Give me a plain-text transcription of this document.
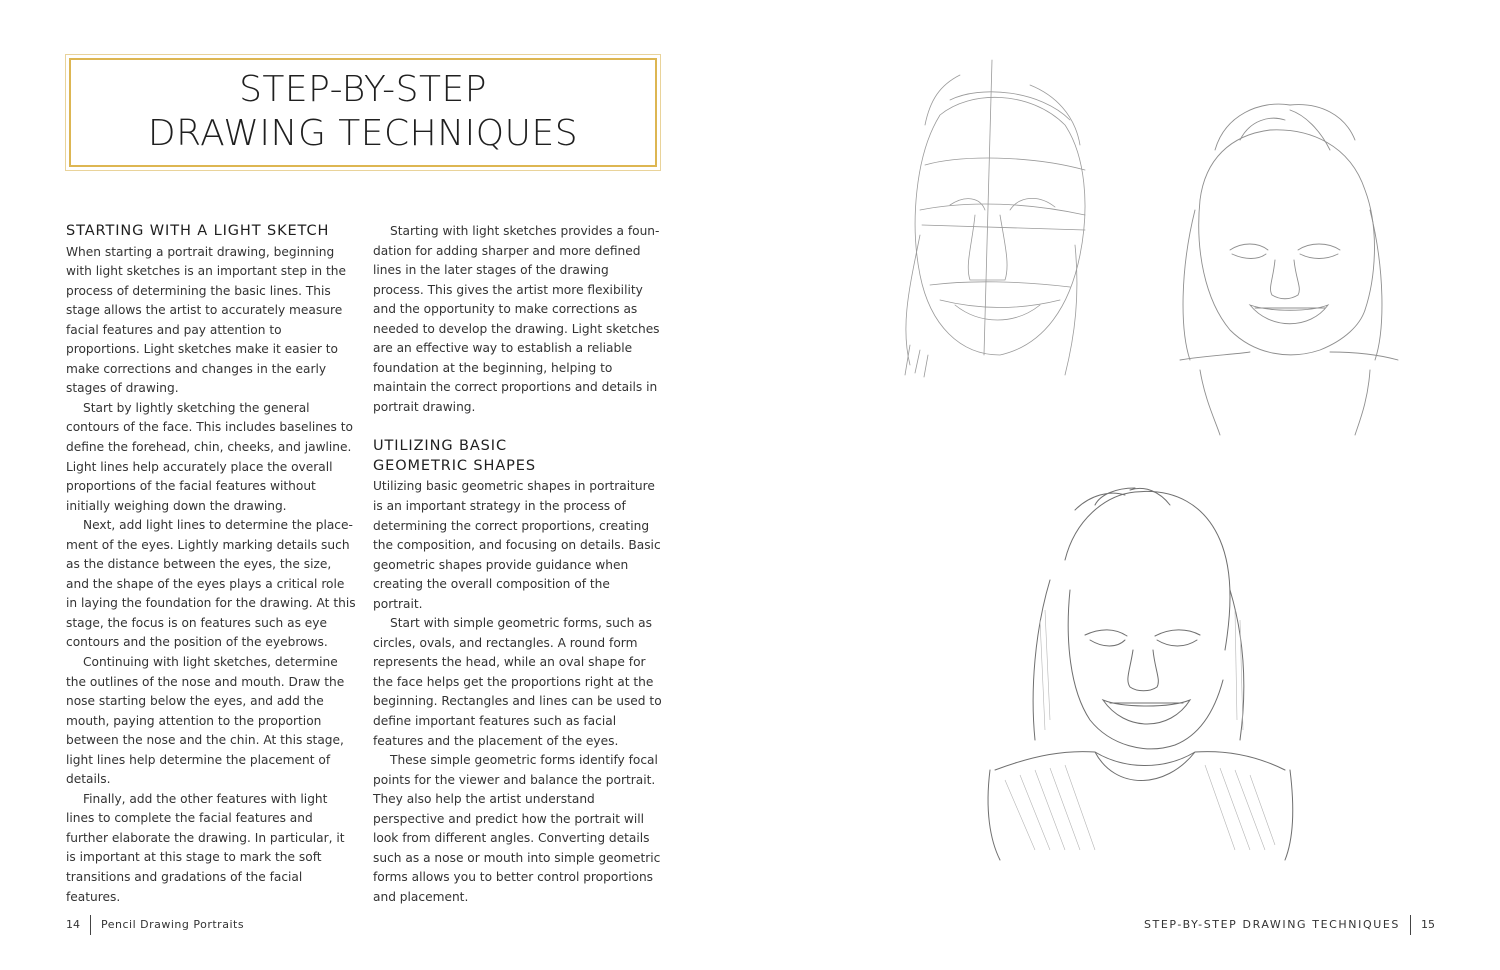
STEP-BY-STEP
DRAWING TECHNIQUES
STARTING WITH A LIGHT SKETCH

When starting a portrait drawing, beginning with light sketches is an important step in the process of determining the basic lines. This stage allows the artist to accurately measure facial features and pay attention to proportions. Light sketches make it easier to make corrections and changes in the early stages of drawing.

Start by lightly sketching the general contours of the face. This includes baselines to define the forehead, chin, cheeks, and jawline. Light lines help accurately place the overall proportions of the facial features without initially weighing down the drawing.

Next, add light lines to determine the placement of the eyes. Lightly marking details such as the distance between the eyes, the size, and the shape of the eyes plays a critical role in laying the foundation for the drawing. At this stage, the focus is on features such as eye contours and the position of the eyebrows.

Continuing with light sketches, determine the outlines of the nose and mouth. Draw the nose starting below the eyes, and add the mouth, paying attention to the proportion between the nose and the chin. At this stage, light lines help determine the placement of details.

Finally, add the other features with light lines to complete the facial features and further elaborate the drawing. In particular, it is important at this stage to mark the soft transitions and gradations of the facial features.

Starting with light sketches provides a foundation for adding sharper and more defined lines in the later stages of the drawing process. This gives the artist more flexibility and the opportunity to make corrections as needed to develop the drawing. Light sketches are an effective way to establish a reliable foundation at the beginning, helping to maintain the correct proportions and details in portrait drawing.

UTILIZING BASIC
GEOMETRIC SHAPES

Utilizing basic geometric shapes in portraiture is an important strategy in the process of determining the correct proportions, creating the composition, and focusing on details. Basic geometric shapes provide guidance when creating the overall composition of the portrait.

Start with simple geometric forms, such as circles, ovals, and rectangles. A round form represents the head, while an oval shape for the face helps get the proportions right at the beginning. Rectangles and lines can be used to define important features such as facial features and the placement of the eyes.

These simple geometric forms identify focal points for the viewer and balance the portrait. They also help the artist understand perspective and predict how the portrait will look from different angles. Converting details such as a nose or mouth into simple geometric forms allows you to better control proportions and placement.

14 Pencil Drawing Portraits	STEP-BY-STEP DRAWING TECHNIQUES 15
